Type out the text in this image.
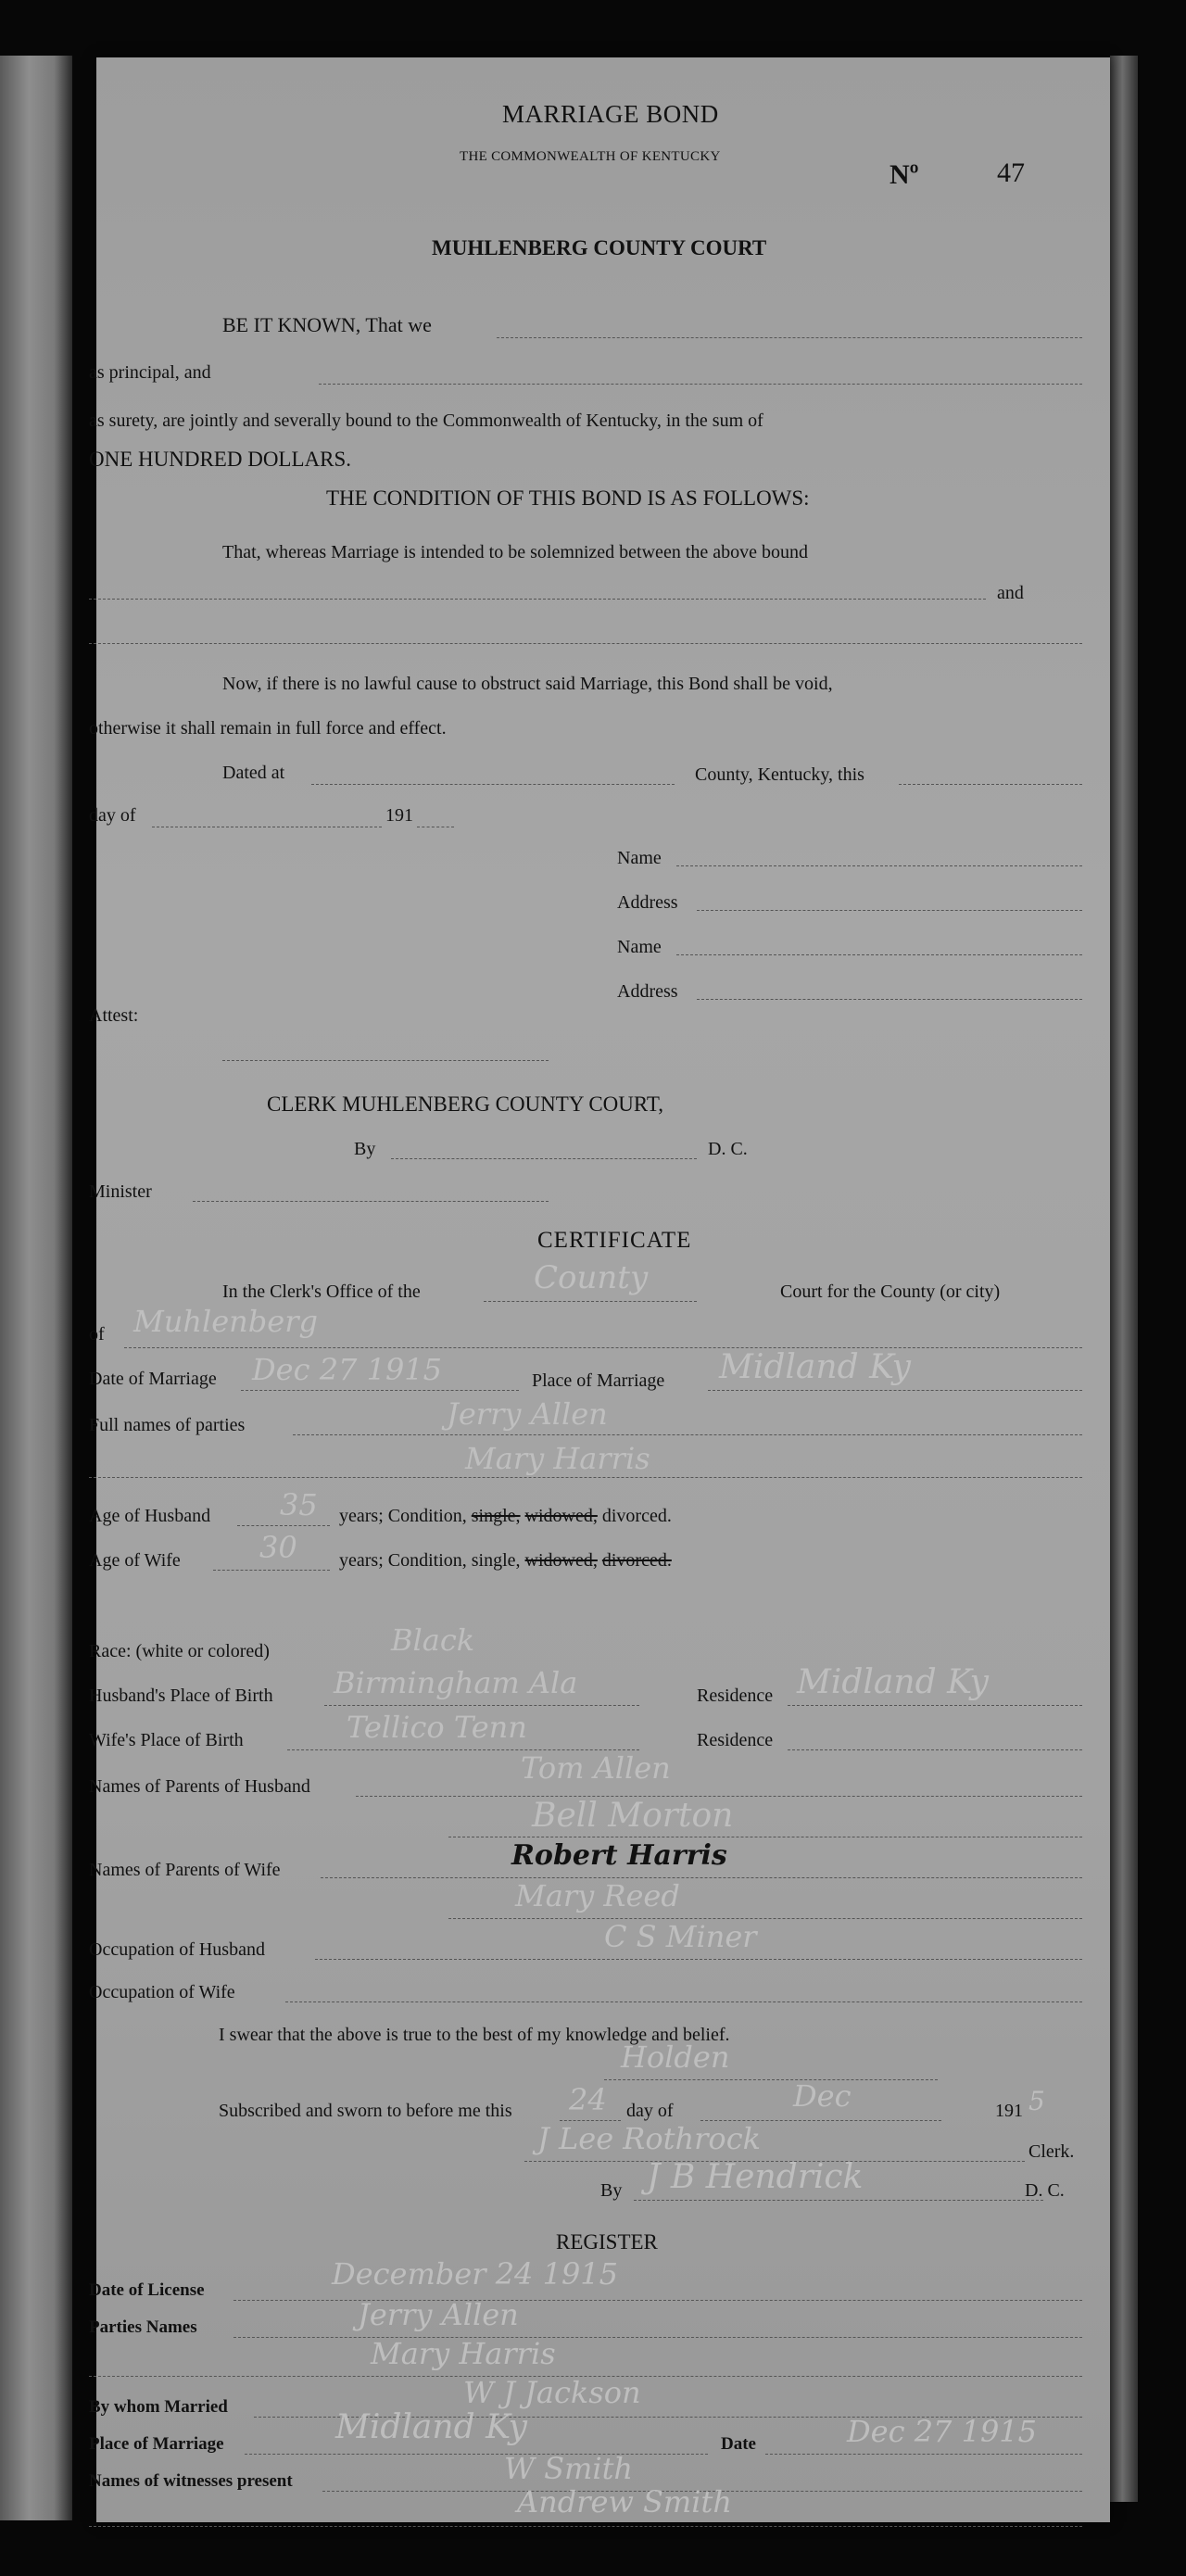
MARRIAGE BOND
THE COMMONWEALTH OF KENTUCKY
Nº	47
MUHLENBERG COUNTY COURT
BE IT KNOWN, That we
as principal, and
as surety, are jointly and severally bound to the Commonwealth of Kentucky, in the sum of
ONE HUNDRED DOLLARS.
THE CONDITION OF THIS BOND IS AS FOLLOWS:
That, whereas Marriage is intended to be solemnized between the above bound
and
Now, if there is no lawful cause to obstruct said Marriage, this Bond shall be void,
otherwise it shall remain in full force and effect.
Dated at	County, Kentucky, this
day of	191
Name
Address
Name
Address
Attest:
CLERK MUHLENBERG COUNTY COURT,
By	D. C.
Minister
CERTIFICATE
In the Clerk's Office of the	County	Court for the County (or city)
of Muhlenberg
Date of Marriage Dec 27 1915	Place of Marriage Midland Ky
Full names of parties	Jerry Allen
Mary Harris
Age of Husband 35 years; Condition, single, widowed, divorced.
Age of Wife	30 years; Condition, single, widowed, divorced.
Race: (white or colored)	Black
Husband's Place of Birth Birmingham Ala	Residence Midland Ky
Wife's Place of Birth	Tellico Tenn	Residence
Names of Parents of Husband
Tom Allen
Bell Morton
Names of Parents of Wife	Robert Harris
Mary Reed
Occupation of Husband	C S Miner
Occupation of Wife
I swear that the above is true to the best of my knowledge and belief.
Holden
Subscribed and sworn to before me this 24 day of	Dec	191 5
J Lee Rothrock	Clerk.
By J B Hendrick	D. C.
REGISTER
Date of License	December 24 1915
Parties Names	Jerry Allen
Mary Harris
By whom Married	W J Jackson
Place of Marriage	Midland Ky	Date	Dec 27 1915
Names of witnesses present	W Smith
Andrew Smith
